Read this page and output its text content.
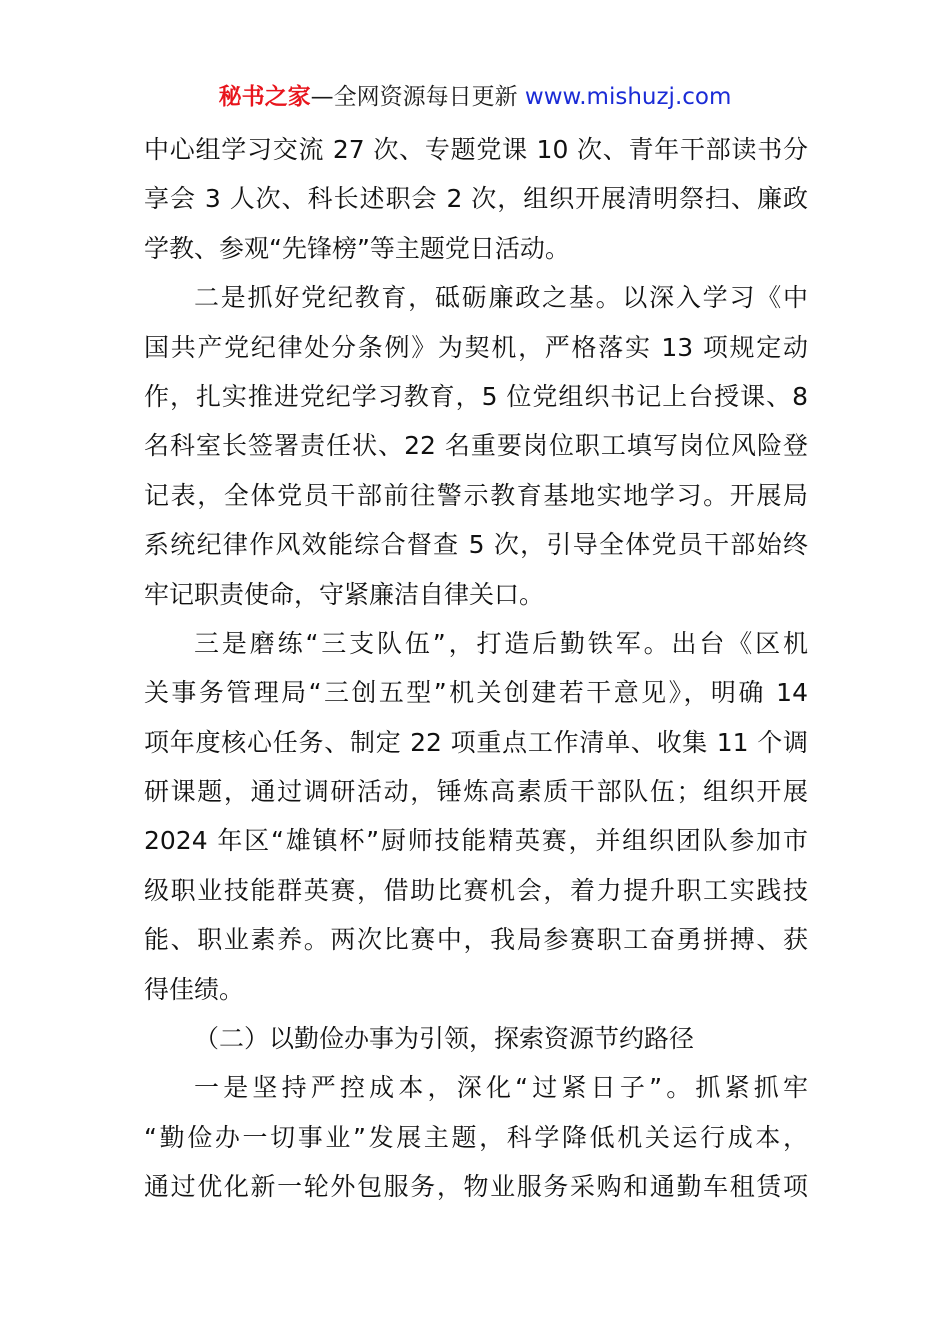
秘书之家—全网资源每日更新 www.mishuzj.com
中心组学习交流 27 次、专题党课 10 次、青年干部读书分
享会 3 人次、科长述职会 2 次，组织开展清明祭扫、廉政
学教、参观“先锋榜”等主题党日活动。
二是抓好党纪教育，砥砺廉政之基。以深入学习《中
国共产党纪律处分条例》为契机，严格落实 13 项规定动
作，扎实推进党纪学习教育，5 位党组织书记上台授课、8
名科室长签署责任状、22 名重要岗位职工填写岗位风险登
记表，全体党员干部前往警示教育基地实地学习。开展局
系统纪律作风效能综合督查 5 次，引导全体党员干部始终
牢记职责使命，守紧廉洁自律关口。
三是磨练“三支队伍”，打造后勤铁军。出台《区机
关事务管理局“三创五型”机关创建若干意见》，明确 14
项年度核心任务、制定 22 项重点工作清单、收集 11 个调
研课题，通过调研活动，锤炼高素质干部队伍；组织开展
2024 年区“雄镇杯”厨师技能精英赛，并组织团队参加市
级职业技能群英赛，借助比赛机会，着力提升职工实践技
能、职业素养。两次比赛中，我局参赛职工奋勇拼搏、获
得佳绩。
（二）以勤俭办事为引领，探索资源节约路径
一是坚持严控成本，深化“过紧日子”。抓紧抓牢
“勤俭办一切事业”发展主题，科学降低机关运行成本，
通过优化新一轮外包服务，物业服务采购和通勤车租赁项
